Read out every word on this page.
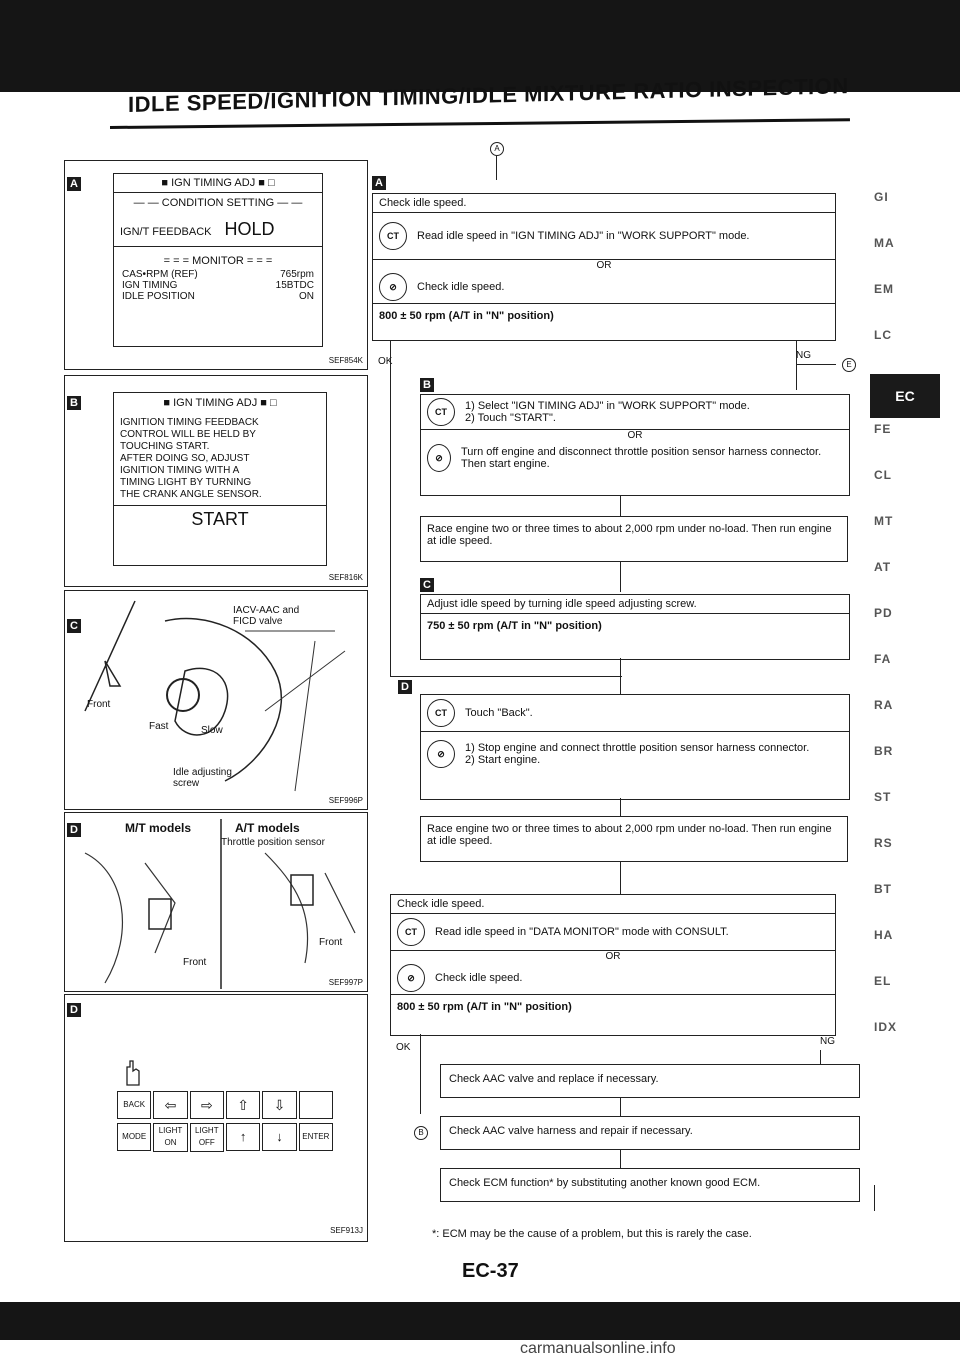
IDLE SPEED/IGNITION TIMING/IDLE MIXTURE RATIO INSPECTION
A	■ IGN TIMING ADJ ■ □
— — CONDITION SETTING — —
IGN/T FEEDBACK HOLD
= = = MONITOR = = =
CAS•RPM (REF)	765rpm
IGN TIMING	15BTDC
IDLE POSITION	ON
SEF854K
B	■ IGN TIMING ADJ ■ □
IGNITION TIMING FEEDBACK
CONTROL WILL BE HELD BY
TOUCHING START.
AFTER DOING SO, ADJUST
IGNITION TIMING WITH A
TIMING LIGHT BY TURNING
THE CRANK ANGLE SENSOR.
START
SEF816K
C
IACV-AAC and FICD valve
Front
Fast	Slow
Idle adjusting screw
SEF996P
D	M/T models	A/T models
Throttle position sensor
Front
Front
SEF997P
D
BACK	⇦	⇨	⇧	⇩
MODE
LIGHT ON
LIGHT OFF	↑	↓	ENTER
SEF913J
A
A
Check idle speed.
CT	Read idle speed in "IGN TIMING ADJ" in "WORK SUPPORT" mode.
OR
⊘	Check idle speed.
800 ± 50 rpm (A/T in "N" position)
OK
NG
E
B
CT	1) Select "IGN TIMING ADJ" in "WORK SUPPORT" mode.
2) Touch "START".
OR
⊘	Turn off engine and disconnect throttle position sensor harness connector. Then start engine.
Race engine two or three times to about 2,000 rpm under no-load. Then run engine at idle speed.
C
Adjust idle speed by turning idle speed adjusting screw.
750 ± 50 rpm (A/T in "N" position)
D
CT	Touch "Back".
⊘	1) Stop engine and connect throttle position sensor harness connector.
2) Start engine.
Race engine two or three times to about 2,000 rpm under no-load. Then run engine at idle speed.
Check idle speed.
CT	Read idle speed in "DATA MONITOR" mode with CONSULT.
OR
⊘	Check idle speed.
800 ± 50 rpm (A/T in "N" position)
OK
NG
B
Check AAC valve and replace if necessary.
Check AAC valve harness and repair if necessary.
Check ECM function* by substituting another known good ECM.
*: ECM may be the cause of a problem, but this is rarely the case.
EC-37
carmanualsonline.info
GI
MA
EM
LC
EC
FE
CL
MT
AT
PD
FA
RA
BR
ST
RS
BT
HA
EL
IDX
